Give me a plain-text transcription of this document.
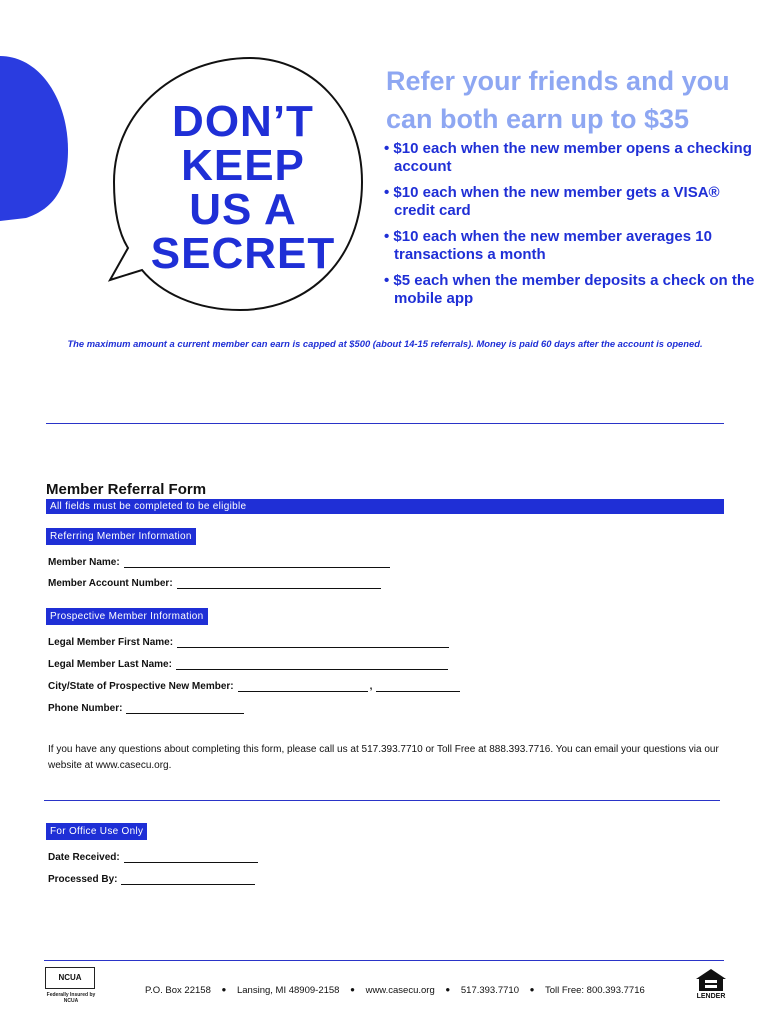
DON’T
KEEP
US A
SECRET
Refer your friends and you can both earn up to $35
• $10 each when the new member opens a checking account
• $10 each when the new member gets a VISA® credit card
• $10 each when the new member averages 10 transactions a month
• $5 each when the member deposits a check on the mobile app
The maximum amount a current member can earn is capped at $500 (about 14-15 referrals). Money is paid 60 days after the account is opened.
Member Referral Form
All fields must be completed to be eligible
Referring Member Information
Member Name:
Member Account Number:
Prospective Member Information
Legal Member First Name:
Legal Member Last Name:
City/State of Prospective New Member:	,
Phone Number:
If you have any questions about completing this form, please call us at 517.393.7710 or Toll Free at 888.393.7716. You can email your questions via our website at www.casecu.org.
For Office Use Only
Date Received:
Processed By:
NCUA
Federally Insured by NCUA
P.O. Box 22158 ● Lansing, MI 48909-2158 ● www.casecu.org ● 517.393.7710 ● Toll Free: 800.393.7716
LENDER
